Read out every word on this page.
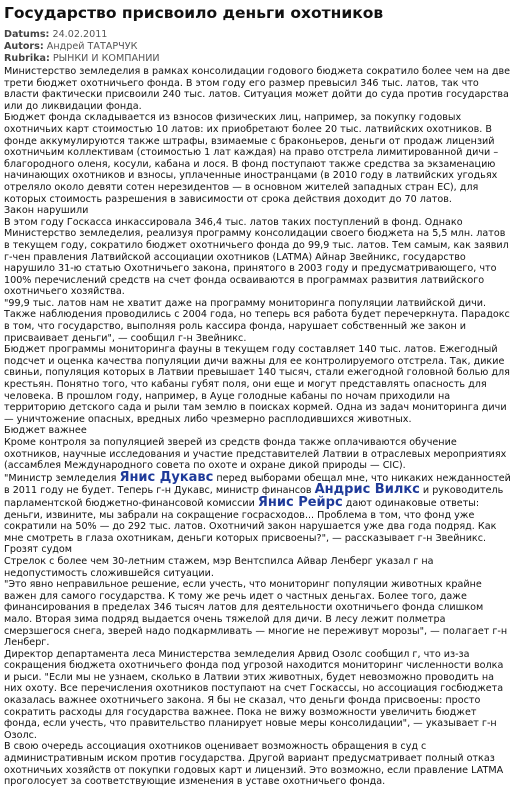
Государство присвоило деньги охотников
Datums: 24.02.2011
Autors: Андрей ТАТАРЧУК
Rubrika: РЫНКИ И КОМПАНИИ

Министерство земледелия в рамках консолидации годового бюджета сократило более чем на две трети бюджет охотничьего фонда. В этом году его размер превысил 346 тыс. латов, так что власти фактически присвоили 240 тыс. латов. Ситуация может дойти до суда против государства или до ликвидации фонда.

Бюджет фонда складывается из взносов физических лиц, например, за покупку годовых охотничьих карт стоимостью 10 латов: их приобретают более 20 тыс. латвийских охотников. В фонде аккумулируются также штрафы, взимаемые с браконьеров, деньги от продаж лицензий охотничьим коллективам (стоимостью 1 лат каждая) на право отстрела лимитированной дичи – благородного оленя, косули, кабана и лося. В фонд поступают также средства за экзаменацию начинающих охотников и взносы, уплаченные иностранцами (в 2010 году в латвийских угодьях отрелялo около девяти сотен нерезидентов — в основном жителей западных стран ЕС), для которых стоимость разрешения в зависимости от срока действия доходит до 70 латов.

Закон нарушили

В этом году Госкасса инкассировала 346,4 тыс. латов таких поступлений в фонд. Однако Министерство земледелия, реализуя программу консолидации своего бюджета на 5,5 млн. латов в текущем году, сократило бюджет охотничьего фонда до 99,9 тыс. латов. Тем самым, как заявил г-чен правления Латвийской ассоциации охотников (LATMA) Айнар Звейникс, государство нарушило 31-ю статью Охотничьего закона, принятого в 2003 году и предусматривающего, что 100% перечислений средств на счет фонда осваиваются в программах развития латвийского охотничьего хозяйства.

"99,9 тыс. латов нам не хватит даже на программу мониторинга популяции латвийской дичи. Также наблюдения проводились с 2004 года, но теперь вся работа будет перечеркнута. Парадокс в том, что государство, выполняя роль кассира фонда, нарушает собственный же закон и присваивает деньги", — сообщил г-н Звейникс.

Бюджет программы мониторинга фауны в текущем году составляет 140 тыс. латов. Ежегодный подсчет и оценка качества популяции дичи важны для ее контролируемого отстрела. Так, дикие свиньи, популяция которых в Латвии превышает 140 тысяч, стали ежегодной головной болью для крестьян. Понятно того, что кабаны губят поля, они еще и могут представлять опасность для человека. В прошлом году, например, в Ауце голодные кабаны по ночам приходили на территорию детского сада и рыли там землю в поисках кормей. Одна из задач мониторинга дичи — уничтожение опасных, вредных либо чрезмерно расплодившихся животных.

Бюджет важнее

Кроме контроля за популяцией зверей из средств фонда также оплачиваются обучение охотников, научные исследования и участие представителей Латвии в отраслевых мероприятиях (ассамблея Международного совета по охоте и охране дикой природы — CIC).

"Министр земледелия Янис Дукавс перед выборами обещал мне, что никаких нежданностей в 2011 году не будет. Теперь г-н Дукавс, министр финансов Андрис Вилкс и руководитель парламентской бюджетно-финансовой комиссии Янис Рейрс дают одинаковые ответы: деньги, извините, мы забрали на сокращение госрасходов... Проблема в том, что фонд уже сократили на 50% — до 292 тыс. латов. Охотничий закон нарушается уже два года подряд. Как мне смотреть в глаза охотникам, деньги которых присвоены?", — рассказывает г-н Звейникс.

Грозят судом

Стрелок с более чем 30-летним стажем, мэр Вентспилса Айвар Ленберг указал г на недопустимость сложившейся ситуации.

"Это явно неправильное решение, если учесть, что мониторинг популяции животных крайне важен для самого государства. К тому же речь идет о частных деньгах. Более того, даже финансирования в пределах 346 тысяч латов для деятельности охотничьего фонда слишком мало. Вторая зима подряд выдается очень тяжелой для дичи. В лесу лежит полметра смерзшегося снега, зверей надо подкармливать — многие не переживут морозы", — полагает г-н Ленберг.

Директор департамента леса Министерства земледелия Арвид Озолс сообщил г, что из-за сокращения бюджета охотничьего фонда под угрозой находится мониторинг численности волка и рыси. "Если мы не узнаем, сколько в Латвии этих животных, будет невозможно проводить на них охоту. Все перечисления охотников поступают на счет Госкассы, но ассоциация госбюджета оказалась важнее охотничьего закона. Я бы не сказал, что деньги фонда присвоены: просто сократить расходы для государства важнее. Пока не вижу возможности увеличить бюджет фонда, если учесть, что правительство планирует новые меры консолидации", — указывает г-н Озолс.

В свою очередь ассоциация охотников оценивает возможность обращения в суд с административным иском против государства. Другой вариант предусматривает полный отказ охотничьих хозяйств от покупки годовых карт и лицензий. Это возможно, если правление LATMA проголосует за соответствующие изменения в уставе охотничьего фонда.
